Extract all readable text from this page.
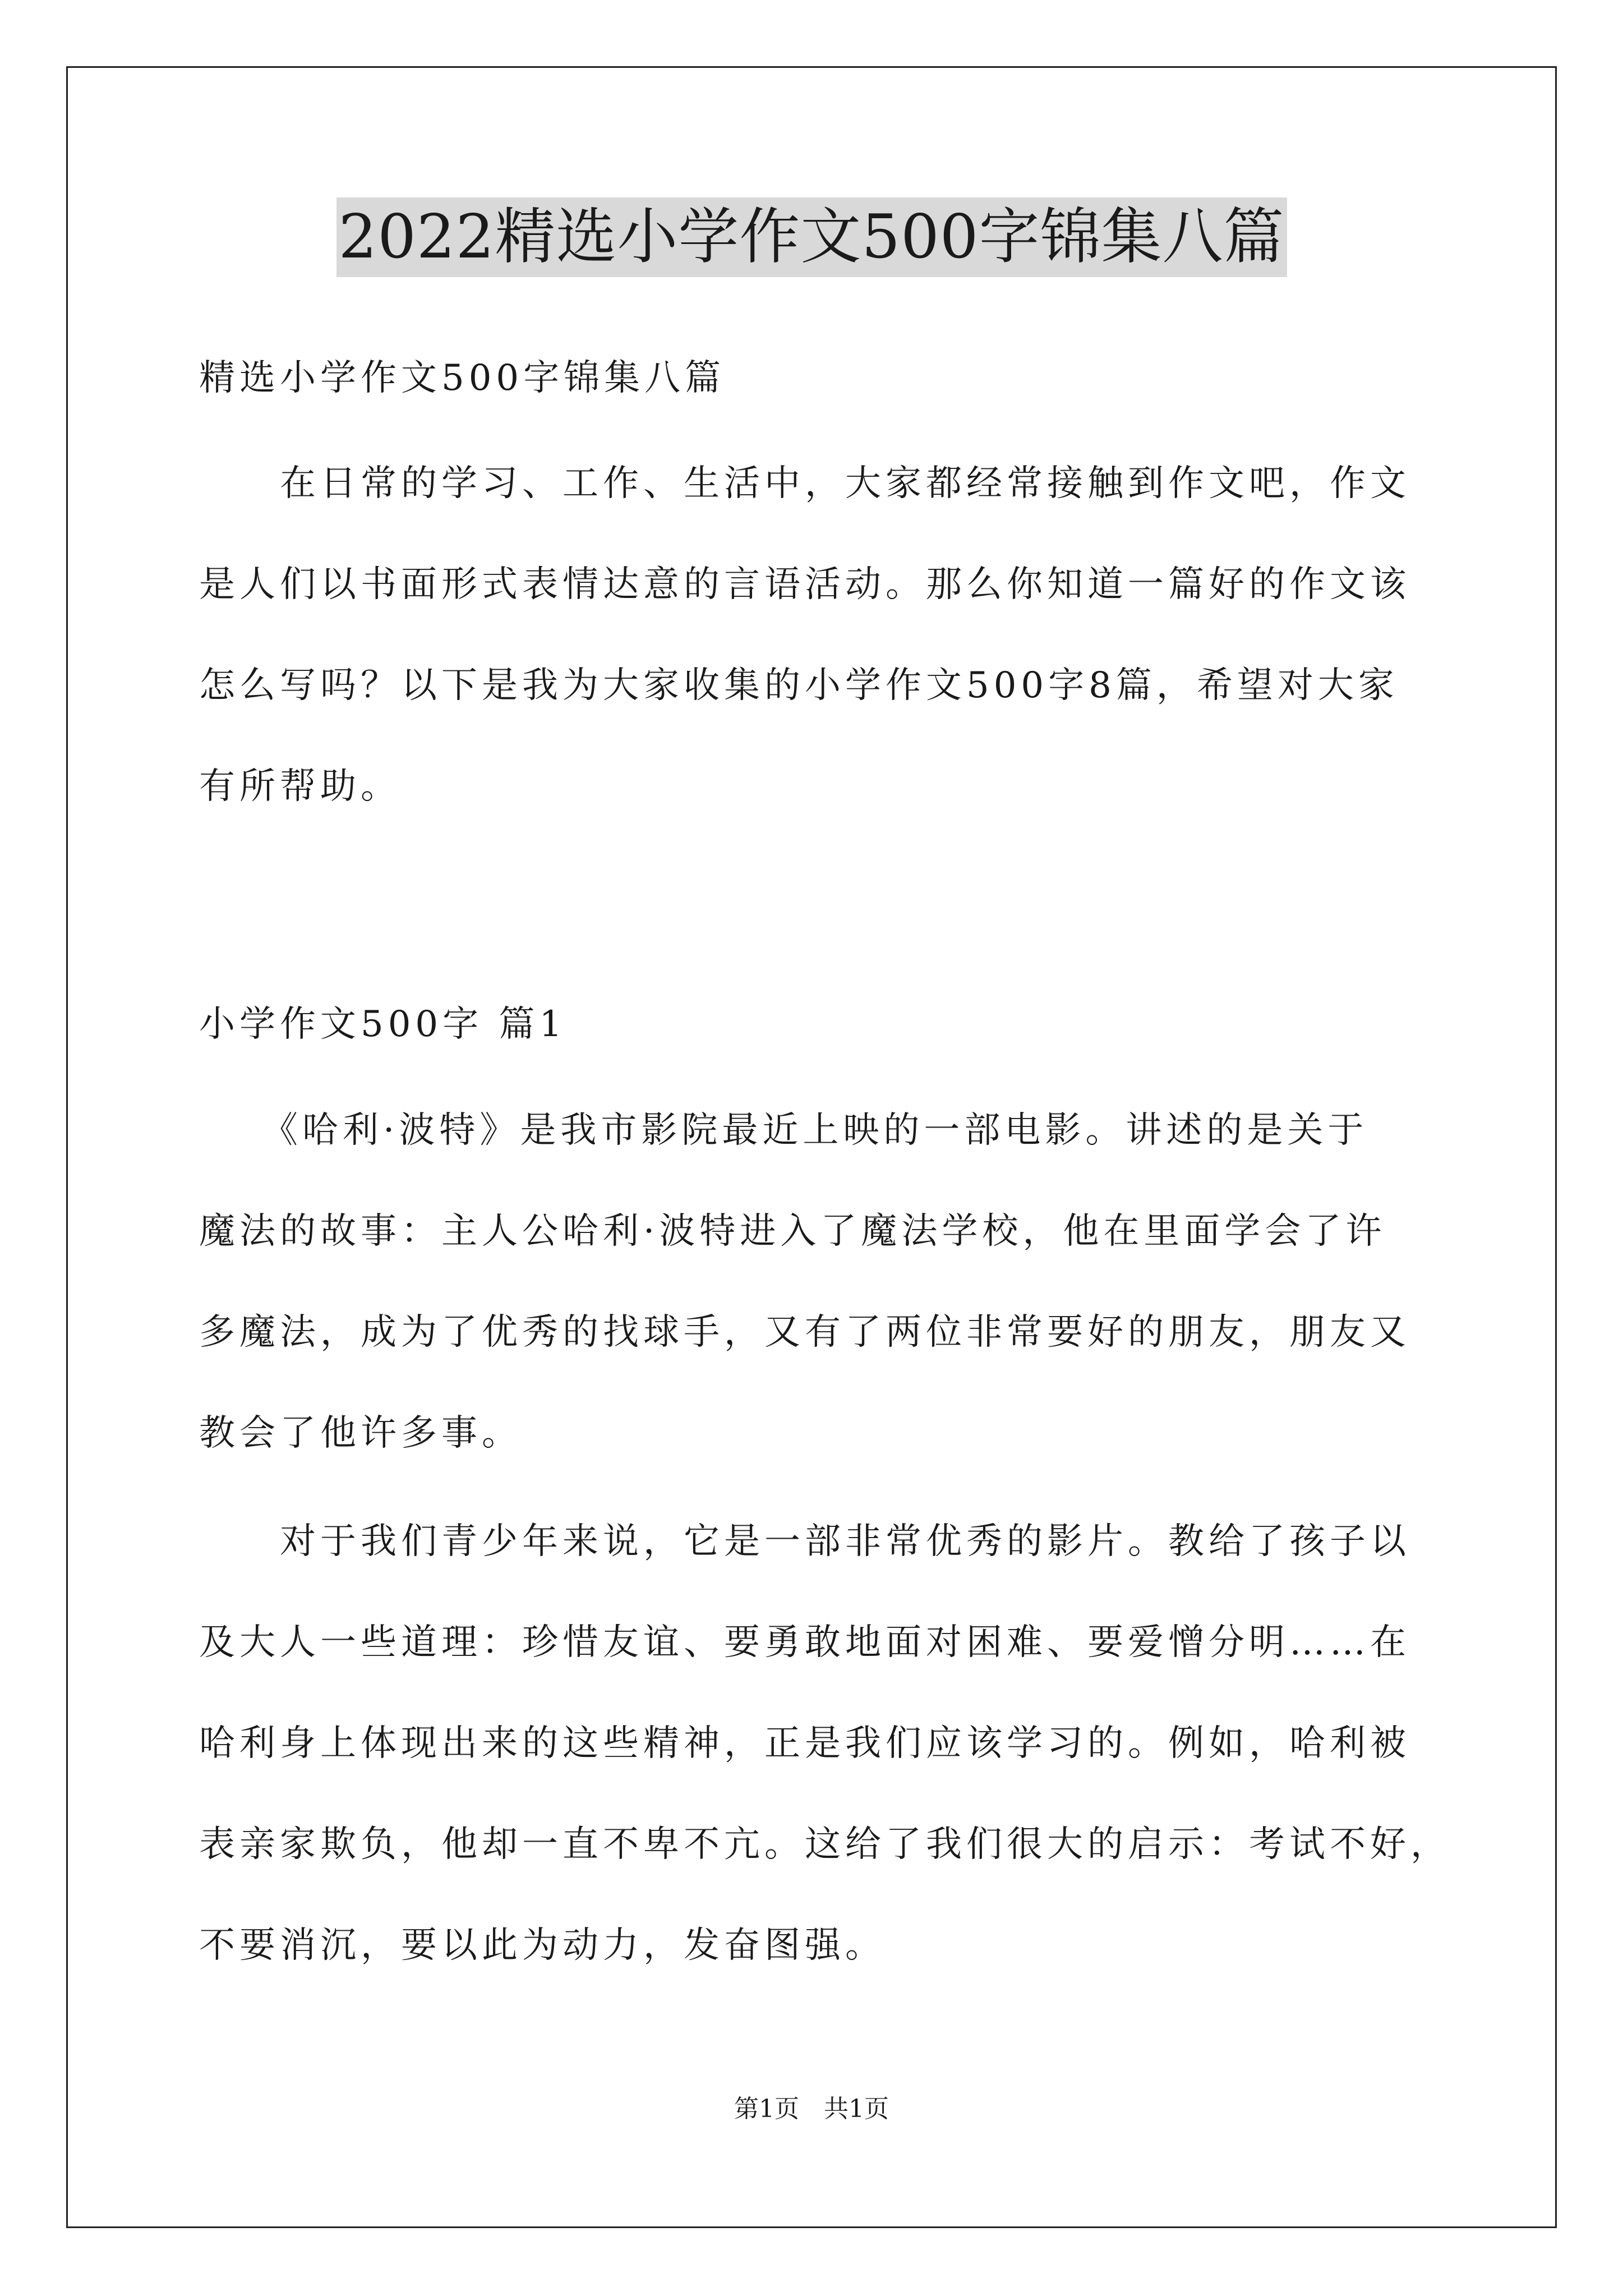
2022精选小学作文500字锦集八篇
精选小学作文500字锦集八篇
　　在日常的学习、工作、生活中，大家都经常接触到作文吧，作文
是人们以书面形式表情达意的言语活动。那么你知道一篇好的作文该
怎么写吗？以下是我为大家收集的小学作文500字8篇，希望对大家
有所帮助。
小学作文500字 篇1
　　《哈利·波特》是我市影院最近上映的一部电影。讲述的是关于
魔法的故事：主人公哈利·波特进入了魔法学校，他在里面学会了许
多魔法，成为了优秀的找球手，又有了两位非常要好的朋友，朋友又
教会了他许多事。
　　对于我们青少年来说，它是一部非常优秀的影片。教给了孩子以
及大人一些道理：珍惜友谊、要勇敢地面对困难、要爱憎分明……在
哈利身上体现出来的这些精神，正是我们应该学习的。例如，哈利被
表亲家欺负，他却一直不卑不亢。这给了我们很大的启示：考试不好，
不要消沉，要以此为动力，发奋图强。
第1页　共1页
